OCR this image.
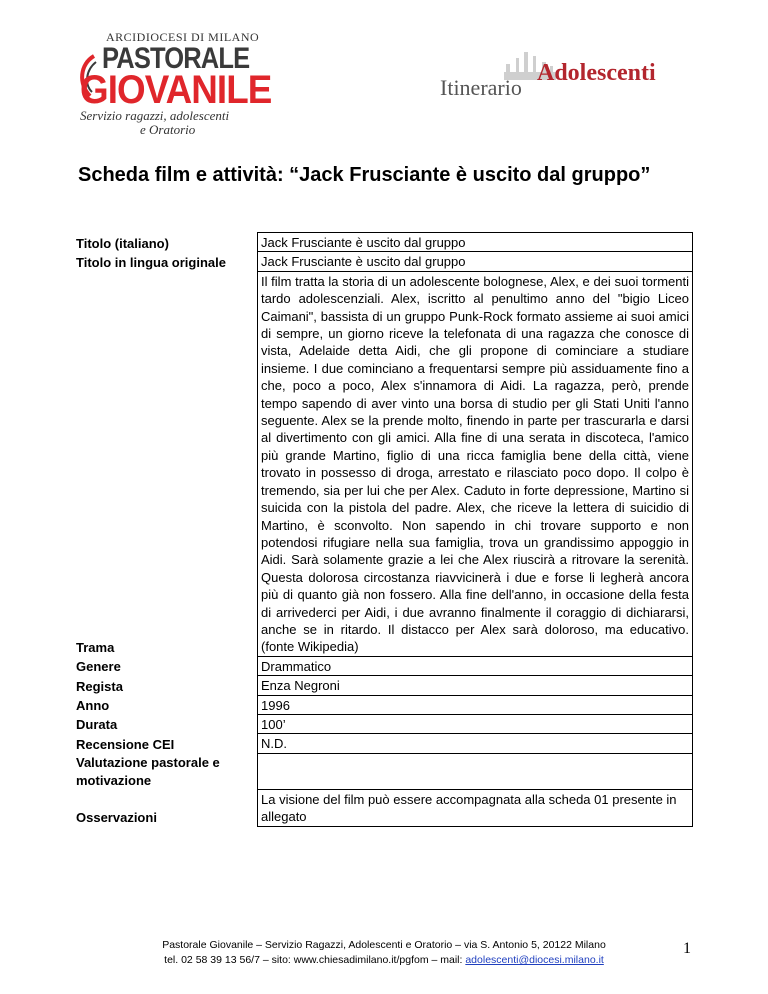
ARCIDIOCESI DI MILANO
PASTORALE
GIOVANILE
Servizio ragazzi, adolescenti
e Oratorio
Itinerario
Adolescenti
Scheda film e attività: “Jack Frusciante è uscito dal gruppo”
Titolo (italiano)	Jack Frusciante è uscito dal gruppo
Titolo in lingua originale	Jack Frusciante è uscito dal gruppo
Trama	Il film tratta la storia di un adolescente bolognese, Alex, e dei suoi tormenti tardo adolescenziali. Alex, iscritto al penultimo anno del "bigio Liceo Caimani", bassista di un gruppo Punk-Rock formato assieme ai suoi amici di sempre, un giorno riceve la telefonata di una ragazza che conosce di vista, Adelaide detta Aidi, che gli propone di cominciare a studiare insieme. I due cominciano a frequentarsi sempre più assiduamente fino a che, poco a poco, Alex s'innamora di Aidi. La ragazza, però, prende tempo sapendo di aver vinto una borsa di studio per gli Stati Uniti l'anno seguente. Alex se la prende molto, finendo in parte per trascurarla e darsi al divertimento con gli amici. Alla fine di una serata in discoteca, l'amico più grande Martino, figlio di una ricca famiglia bene della città, viene trovato in possesso di droga, arrestato e rilasciato poco dopo. Il colpo è tremendo, sia per lui che per Alex. Caduto in forte depressione, Martino si suicida con la pistola del padre. Alex, che riceve la lettera di suicidio di Martino, è sconvolto. Non sapendo in chi trovare supporto e non potendosi rifugiare nella sua famiglia, trova un grandissimo appoggio in Aidi. Sarà solamente grazie a lei che Alex riuscirà a ritrovare la serenità. Questa dolorosa circostanza riavvicinerà i due e forse li legherà ancora più di quanto già non fossero. Alla fine dell'anno, in occasione della festa di arrivederci per Aidi, i due avranno finalmente il coraggio di dichiararsi, anche se in ritardo. Il distacco per Alex sarà doloroso, ma educativo. (fonte Wikipedia)
Genere	Drammatico
Regista	Enza Negroni
Anno	1996
Durata	100’
Recensione CEI	N.D.
Valutazione pastorale e motivazione	
Osservazioni	La visione del film può essere accompagnata alla scheda 01 presente in allegato
Pastorale Giovanile – Servizio Ragazzi, Adolescenti e Oratorio – via S. Antonio 5, 20122 Milano
tel. 02 58 39 13 56/7 – sito: www.chiesadimilano.it/pgfom – mail: adolescenti@diocesi.milano.it
1
